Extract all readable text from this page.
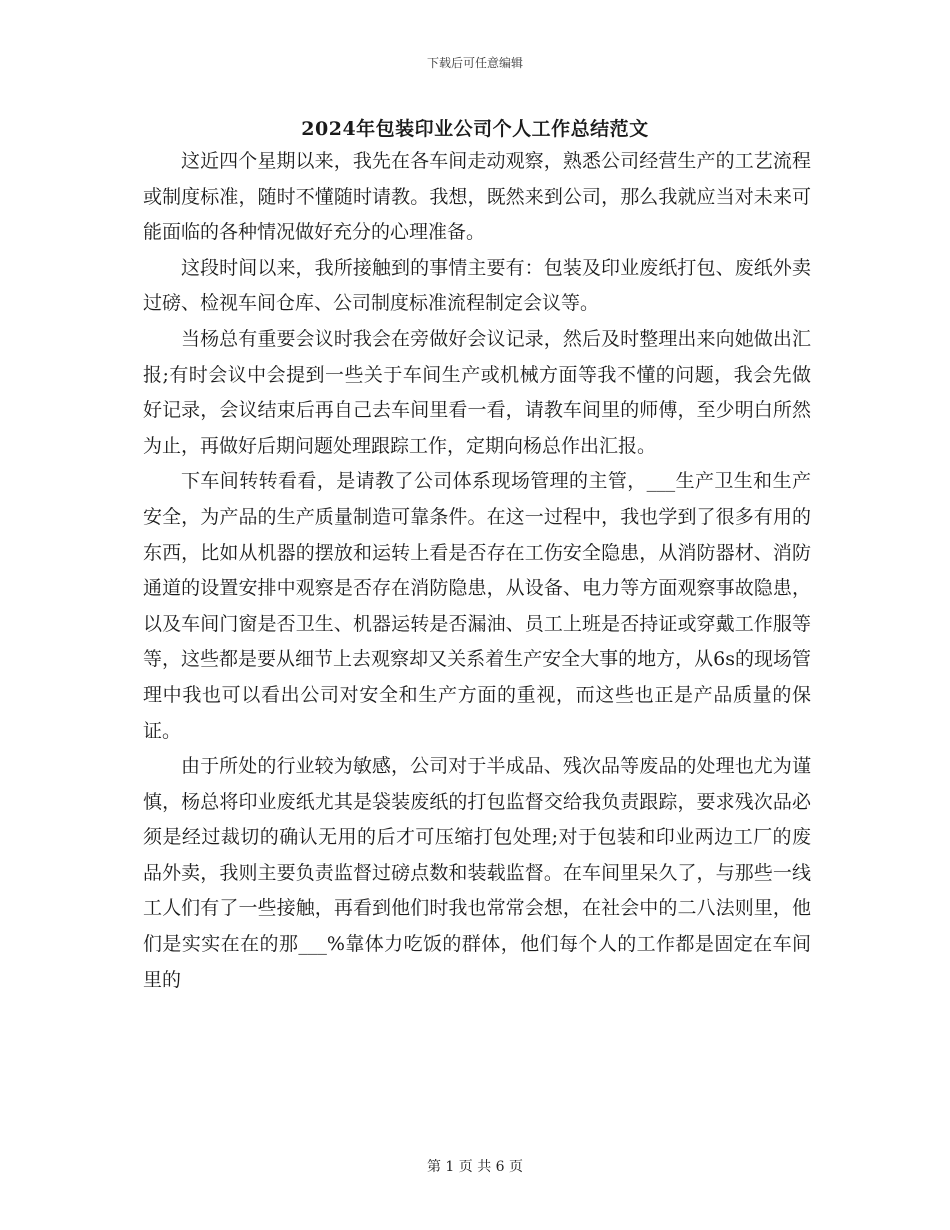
下载后可任意编辑
2024年包装印业公司个人工作总结范文

这近四个星期以来，我先在各车间走动观察，熟悉公司经营生产的工艺流程或制度标准，随时不懂随时请教。我想，既然来到公司，那么我就应当对未来可能面临的各种情况做好充分的心理准备。

这段时间以来，我所接触到的事情主要有：包装及印业废纸打包、废纸外卖过磅、检视车间仓库、公司制度标准流程制定会议等。

当杨总有重要会议时我会在旁做好会议记录，然后及时整理出来向她做出汇报;有时会议中会提到一些关于车间生产或机械方面等我不懂的问题，我会先做好记录，会议结束后再自己去车间里看一看，请教车间里的师傅，至少明白所然为止，再做好后期问题处理跟踪工作，定期向杨总作出汇报。

下车间转转看看，是请教了公司体系现场管理的主管，___生产卫生和生产安全，为产品的生产质量制造可靠条件。在这一过程中，我也学到了很多有用的东西，比如从机器的摆放和运转上看是否存在工伤安全隐患，从消防器材、消防通道的设置安排中观察是否存在消防隐患，从设备、电力等方面观察事故隐患，以及车间门窗是否卫生、机器运转是否漏油、员工上班是否持证或穿戴工作服等等，这些都是要从细节上去观察却又关系着生产安全大事的地方，从6s的现场管理中我也可以看出公司对安全和生产方面的重视，而这些也正是产品质量的保证。

由于所处的行业较为敏感，公司对于半成品、残次品等废品的处理也尤为谨慎，杨总将印业废纸尤其是袋装废纸的打包监督交给我负责跟踪，要求残次品必须是经过裁切的确认无用的后才可压缩打包处理;对于包装和印业两边工厂的废品外卖，我则主要负责监督过磅点数和装载监督。在车间里呆久了，与那些一线工人们有了一些接触，再看到他们时我也常常会想，在社会中的二八法则里，他们是实实在在的那___%靠体力吃饭的群体，他们每个人的工作都是固定在车间里的

第 1 页 共 6 页
